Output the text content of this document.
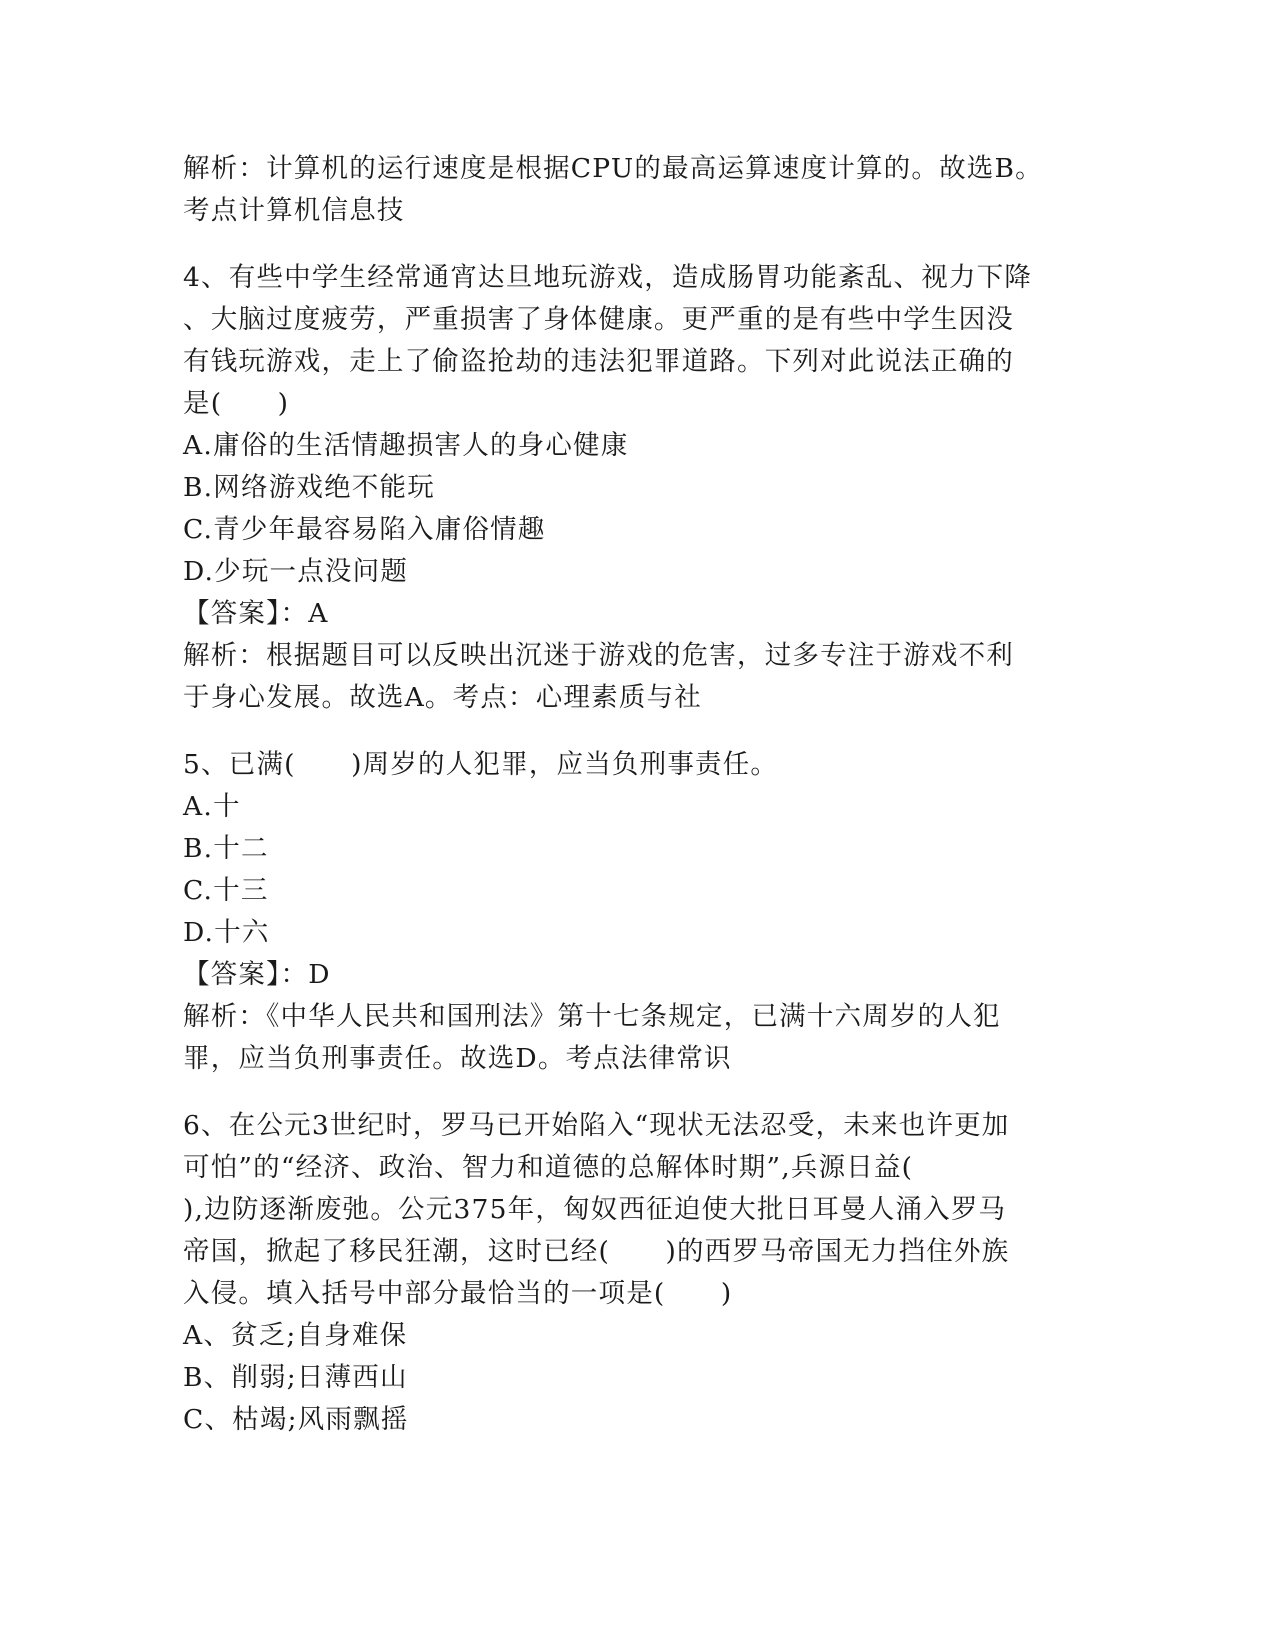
解析：计算机的运行速度是根据CPU的最高运算速度计算的。故选B。
考点计算机信息技
4、有些中学生经常通宵达旦地玩游戏，造成肠胃功能紊乱、视力下降
、大脑过度疲劳，严重损害了身体健康。更严重的是有些中学生因没
有钱玩游戏，走上了偷盗抢劫的违法犯罪道路。下列对此说法正确的
是(　　)
A.庸俗的生活情趣损害人的身心健康
B.网络游戏绝不能玩
C.青少年最容易陷入庸俗情趣
D.少玩一点没问题
【答案】：A
解析：根据题目可以反映出沉迷于游戏的危害，过多专注于游戏不利
于身心发展。故选A。考点：心理素质与社
5、已满(　　)周岁的人犯罪，应当负刑事责任。
A.十
B.十二
C.十三
D.十六
【答案】：D
解析：《中华人民共和国刑法》第十七条规定，已满十六周岁的人犯
罪，应当负刑事责任。故选D。考点法律常识
6、在公元3世纪时，罗马已开始陷入“现状无法忍受，未来也许更加
可怕”的“经济、政治、智力和道德的总解体时期”,兵源日益(
),边防逐渐废弛。公元375年，匈奴西征迫使大批日耳曼人涌入罗马
帝国，掀起了移民狂潮，这时已经(　　)的西罗马帝国无力挡住外族
入侵。填入括号中部分最恰当的一项是(　　)
A、贫乏;自身难保
B、削弱;日薄西山
C、枯竭;风雨飘摇
